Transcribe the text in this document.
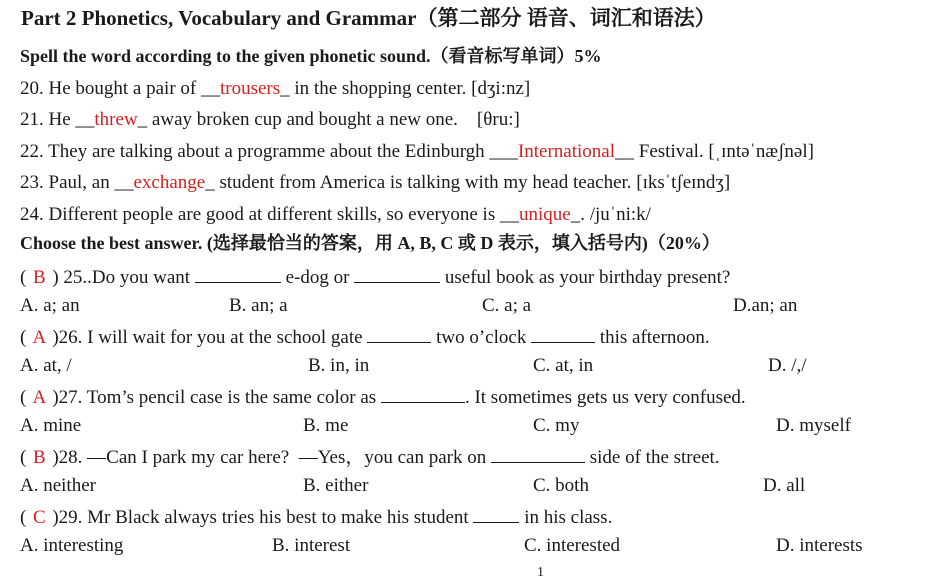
Part 2 Phonetics, Vocabulary and Grammar（第二部分 语音、词汇和语法）
Spell the word according to the given phonetic sound.（看音标写单词）5%
20. He bought a pair of __trousers_ in the shopping center. [dʒi:nz]
21. He __threw_ away broken cup and bought a new one.    [θru:]
22. They are talking about a programme about the Edinburgh ___International__ Festival. [ˌɪntəˈnæʃnəl]
23. Paul, an __exchange_ student from America is talking with my head teacher. [ɪksˈtʃeɪndʒ]
24. Different people are good at different skills, so everyone is __unique_. /juˈni:k/
Choose the best answer. (选择最恰当的答案，用 A, B, C 或 D 表示，填入括号内)（20%）
( B ) 25..Do you want	e-dog or	useful book as your birthday present?
A. a; an	B. an; a	C. a; a	D.an; an
( A )26. I will wait for you at the school gate	two o’clock	this afternoon.
A. at, /	B. in, in	C. at, in	D. /,/
( A )27. Tom’s pencil case is the same color as	. It sometimes gets us very confused.
A. mine	B. me	C. my	D. myself
( B )28. —Can I park my car here?  —Yes，you can park on	side of the street.
A. neither	B. either	C. both	D. all
( C )29. Mr Black always tries his best to make his student  in his class.
A. interesting	B. interest	C. interested	D. interests
1
